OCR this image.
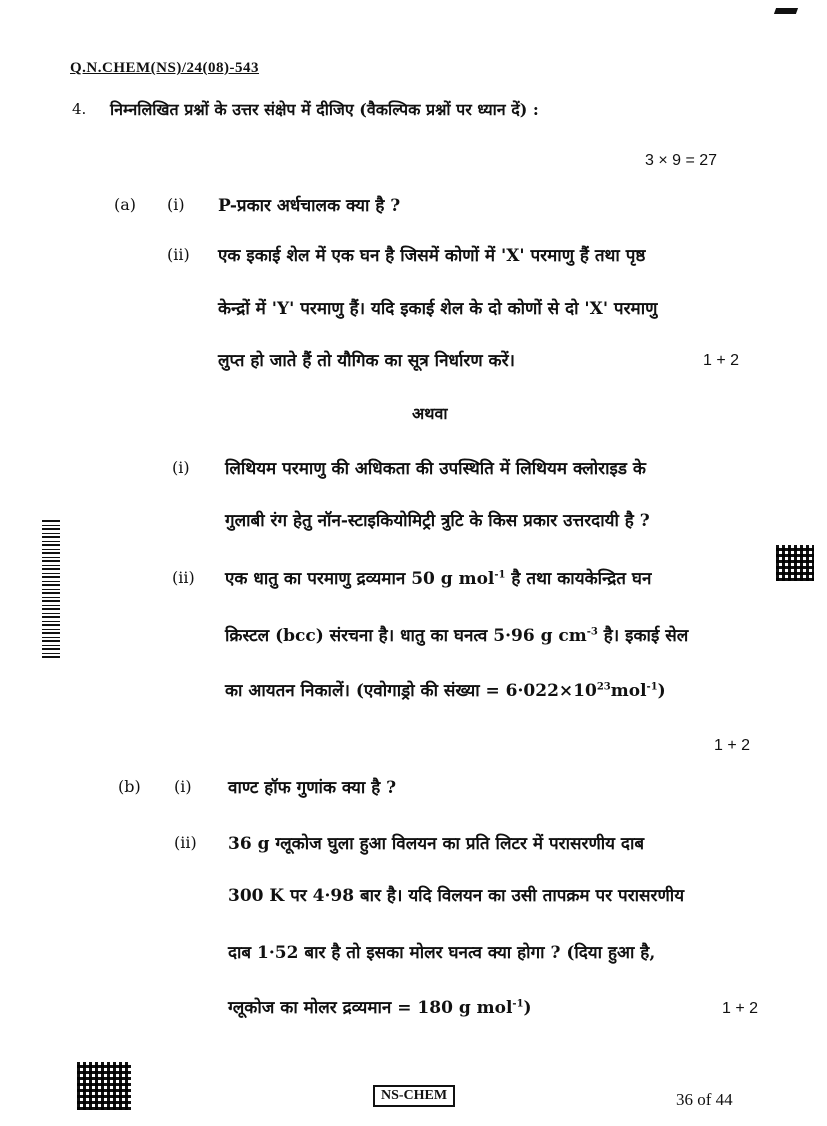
Q.N.CHEM(NS)/24(08)-543
4. निम्नलिखित प्रश्नों के उत्तर संक्षेप में दीजिए (वैकल्पिक प्रश्नों पर ध्यान दें) :
3 × 9 = 27
(a) (i) P-प्रकार अर्धचालक क्या है ?
(ii) एक इकाई शेल में एक घन है जिसमें कोणों में 'X' परमाणु हैं तथा पृष्ठ
केन्द्रों में 'Y' परमाणु हैं। यदि इकाई शेल के दो कोणों से दो 'X' परमाणु
लुप्त हो जाते हैं तो यौगिक का सूत्र निर्धारण करें।	1 + 2
अथवा
(i) लिथियम परमाणु की अधिकता की उपस्थिति में लिथियम क्लोराइड के
गुलाबी रंग हेतु नॉन-स्टाइकियोमिट्री त्रुटि के किस प्रकार उत्तरदायी है ?
(ii) एक धातु का परमाणु द्रव्यमान 50 g mol$^{-1}$ है तथा कायकेन्द्रित घन
क्रिस्टल (bcc) संरचना है। धातु का घनत्व 5·96 g $cm^{-3}$ है। इकाई सेल
का आयतन निकालें। (एवोगाड्रो की संख्या = $6\cdot 022\times 10^{23}mol^{-1}$)
1 + 2
(b) (i) वाण्ट हॉफ गुणांक क्या है ?
(ii) 36 g ग्लूकोज घुला हुआ विलयन का प्रति लिटर में परासरणीय दाब
300 K पर 4·98 बार है। यदि विलयन का उसी तापक्रम पर परासरणीय
दाब 1·52 बार है तो इसका मोलर घनत्व क्या होगा ? (दिया हुआ है,
ग्लूकोज का मोलर द्रव्यमान = 180 g mol$^{-1}$)	1 + 2
NS-CHEM	36 of 44
